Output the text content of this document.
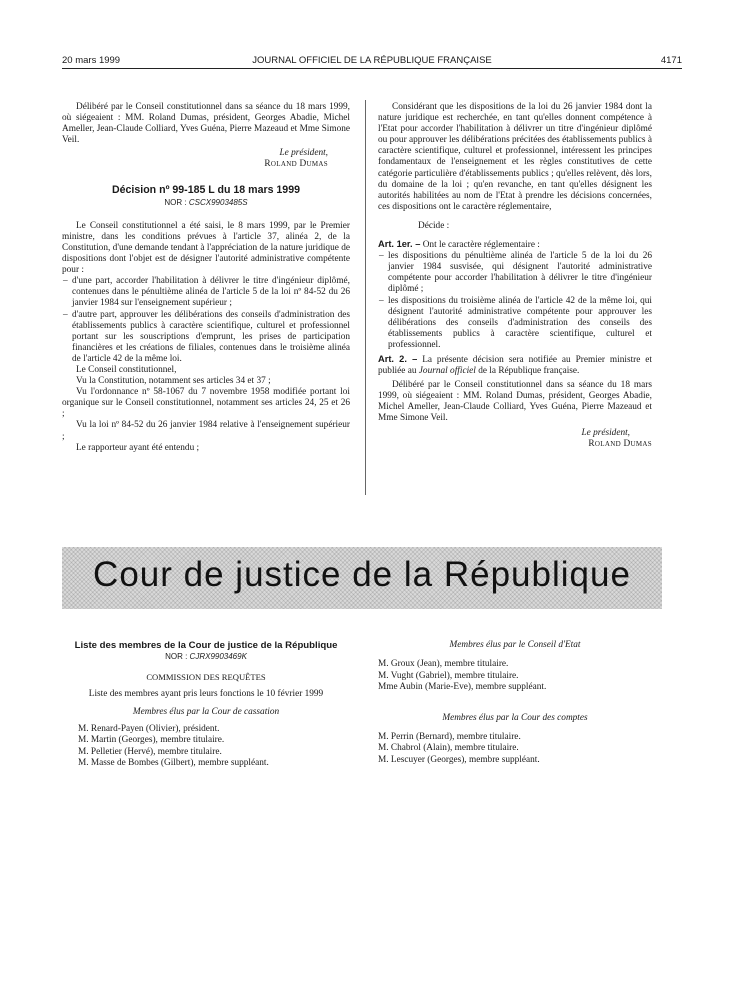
20 mars 1999	JOURNAL OFFICIEL DE LA RÉPUBLIQUE FRANÇAISE	4171

Délibéré par le Conseil constitutionnel dans sa séance du 18 mars 1999, où siégeaient : MM. Roland Dumas, président, Georges Abadie, Michel Ameller, Jean-Claude Colliard, Yves Guéna, Pierre Mazeaud et Mme Simone Veil.

Le président,

Roland Dumas

Décision nº 99-185 L du 18 mars 1999

NOR : CSCX9903485S

Le Conseil constitutionnel a été saisi, le 8 mars 1999, par le Premier ministre, dans les conditions prévues à l'article 37, alinéa 2, de la Constitution, d'une demande tendant à l'appréciation de la nature juridique de dispositions dont l'objet est de désigner l'autorité administrative compétente pour :

– d'une part, accorder l'habilitation à délivrer le titre d'ingénieur diplômé, contenues dans le pénultième alinéa de l'article 5 de la loi nº 84-52 du 26 janvier 1984 sur l'enseignement supérieur ;
– d'autre part, approuver les délibérations des conseils d'administration des établissements publics à caractère scientifique, culturel et professionnel portant sur les souscriptions d'emprunt, les prises de participation financières et les créations de filiales, contenues dans le troisième alinéa de l'article 42 de la même loi.

Le Conseil constitutionnel,

Vu la Constitution, notamment ses articles 34 et 37 ;

Vu l'ordonnance nº 58-1067 du 7 novembre 1958 modifiée portant loi organique sur le Conseil constitutionnel, notamment ses articles 24, 25 et 26 ;

Vu la loi nº 84-52 du 26 janvier 1984 relative à l'enseignement supérieur ;

Le rapporteur ayant été entendu ;

Considérant que les dispositions de la loi du 26 janvier 1984 dont la nature juridique est recherchée, en tant qu'elles donnent compétence à l'Etat pour accorder l'habilitation à délivrer un titre d'ingénieur diplômé ou pour approuver les délibérations précitées des établissements publics à caractère scientifique, culturel et professionnel, intéressent les principes fondamentaux de l'enseignement et les règles constitutives de cette catégorie particulière d'établissements publics ; qu'elles relèvent, dès lors, du domaine de la loi ; qu'en revanche, en tant qu'elles désignent les autorités habilitées au nom de l'Etat à prendre les décisions concernées, ces dispositions ont le caractère réglementaire,

Décide :

Art. 1er. – Ont le caractère réglementaire :

– les dispositions du pénultième alinéa de l'article 5 de la loi du 26 janvier 1984 susvisée, qui désignent l'autorité administrative compétente pour accorder l'habilitation à délivrer le titre d'ingénieur diplômé ;
– les dispositions du troisième alinéa de l'article 42 de la même loi, qui désignent l'autorité administrative compétente pour approuver les délibérations des conseils d'administration des conseils des établissements publics à caractère scientifique, culturel et professionnel.

Art. 2. – La présente décision sera notifiée au Premier ministre et publiée au Journal officiel de la République française.

Délibéré par le Conseil constitutionnel dans sa séance du 18 mars 1999, où siégeaient : MM. Roland Dumas, président, Georges Abadie, Michel Ameller, Jean-Claude Colliard, Yves Guéna, Pierre Mazeaud et Mme Simone Veil.

Le président,

Roland Dumas

Cour de justice de la République

Liste des membres de la Cour de justice de la République

NOR : CJRX9903469K

COMMISSION DES REQUÊTES

Liste des membres ayant pris leurs fonctions le 10 février 1999

Membres élus par la Cour de cassation

M. Renard-Payen (Olivier), président.

M. Martin (Georges), membre titulaire.

M. Pelletier (Hervé), membre titulaire.

M. Masse de Bombes (Gilbert), membre suppléant.

Membres élus par le Conseil d'Etat

M. Groux (Jean), membre titulaire.

M. Vught (Gabriel), membre titulaire.

Mme Aubin (Marie-Eve), membre suppléant.

Membres élus par la Cour des comptes

M. Perrin (Bernard), membre titulaire.

M. Chabrol (Alain), membre titulaire.

M. Lescuyer (Georges), membre suppléant.
